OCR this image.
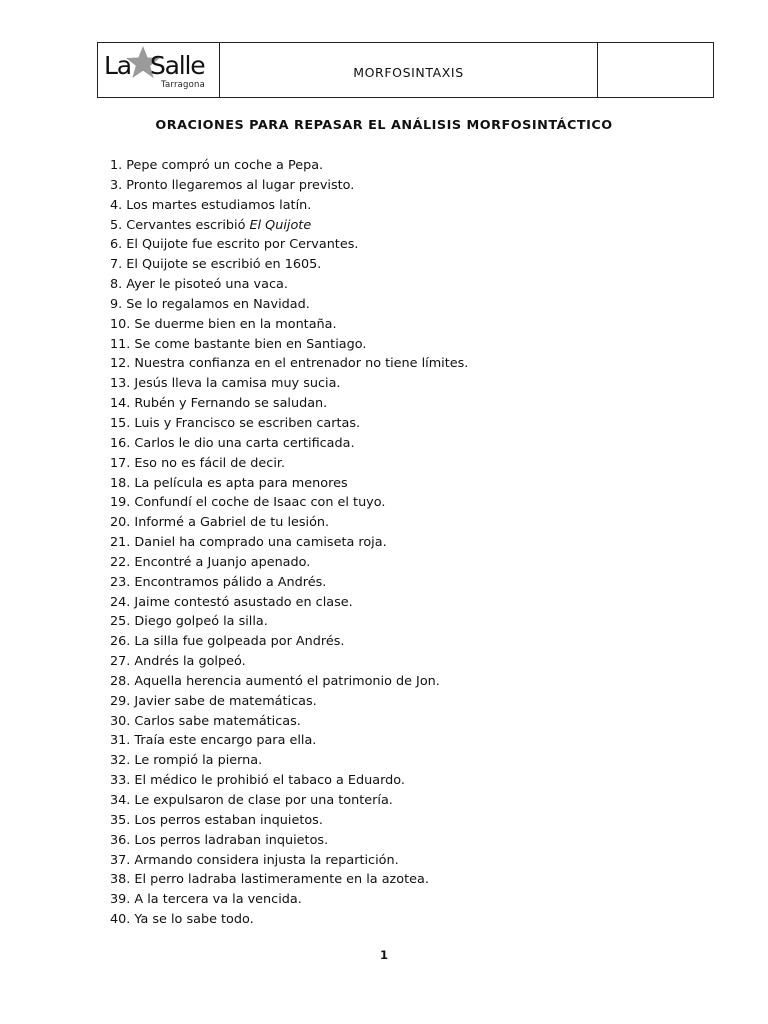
La Salle
Tarragona
MORFOSINTAXIS
ORACIONES PARA REPASAR EL ANÁLISIS MORFOSINTÁCTICO
1. Pepe compró un coche a Pepa.
3. Pronto llegaremos al lugar previsto.
4. Los martes estudiamos latín.
5. Cervantes escribió El Quijote
6. El Quijote fue escrito por Cervantes.
7. El Quijote se escribió en 1605.
8. Ayer le pisoteó una vaca.
9. Se lo regalamos en Navidad.
10. Se duerme bien en la montaña.
11. Se come bastante bien en Santiago.
12. Nuestra confianza en el entrenador no tiene límites.
13. Jesús lleva la camisa muy sucia.
14. Rubén y Fernando se saludan.
15. Luis y Francisco se escriben cartas.
16. Carlos le dio una carta certificada.
17. Eso no es fácil de decir.
18. La película es apta para menores
19. Confundí el coche de Isaac con el tuyo.
20. Informé a Gabriel de tu lesión.
21. Daniel ha comprado una camiseta roja.
22. Encontré a Juanjo apenado.
23. Encontramos pálido a Andrés.
24. Jaime contestó asustado en clase.
25. Diego golpeó la silla.
26. La silla fue golpeada por Andrés.
27. Andrés la golpeó.
28. Aquella herencia aumentó el patrimonio de Jon.
29. Javier sabe de matemáticas.
30. Carlos sabe matemáticas.
31. Traía este encargo para ella.
32. Le rompió la pierna.
33. El médico le prohibió el tabaco a Eduardo.
34. Le expulsaron de clase por una tontería.
35. Los perros estaban inquietos.
36. Los perros ladraban inquietos.
37. Armando considera injusta la repartición.
38. El perro ladraba lastimeramente en la azotea.
39. A la tercera va la vencida.
40. Ya se lo sabe todo.
1
